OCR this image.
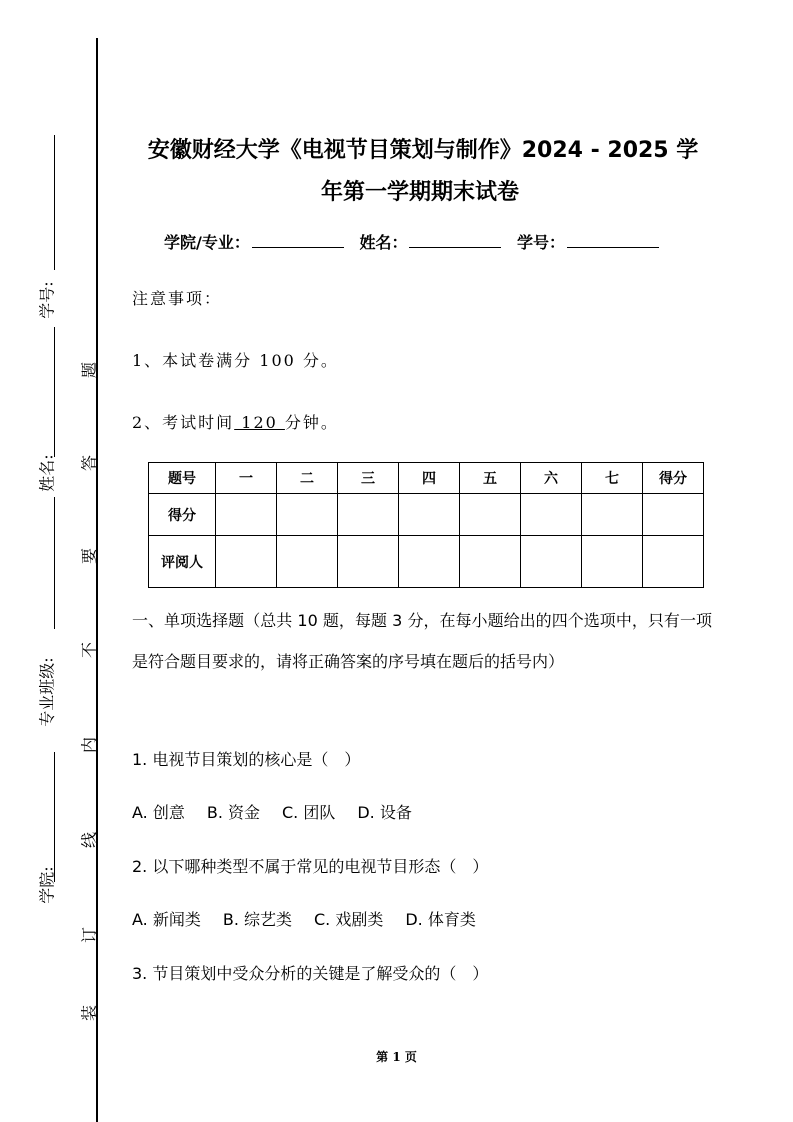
学号:
姓名:
专业班级:
学院:
题
答
要
不
内
线
订
装
安徽财经大学《电视节目策划与制作》2024 - 2025 学
年第一学期期末试卷
学院/专业：	姓名：	学号：
注意事项：
1、本试卷满分 100 分。
2、考试时间 120 分钟。
题号	一	二	三	四	五	六	七	得分
得分								
评阅人								
一、单项选择题（总共 10 题，每题 3 分，在每小题给出的四个选项中，只有一项是符合题目要求的，请将正确答案的序号填在题后的括号内）
1. 电视节目策划的核心是（　）
A. 创意 B. 资金 C. 团队 D. 设备
2. 以下哪种类型不属于常见的电视节目形态（　）
A. 新闻类 B. 综艺类 C. 戏剧类 D. 体育类
3. 节目策划中受众分析的关键是了解受众的（　）
第 1 页
